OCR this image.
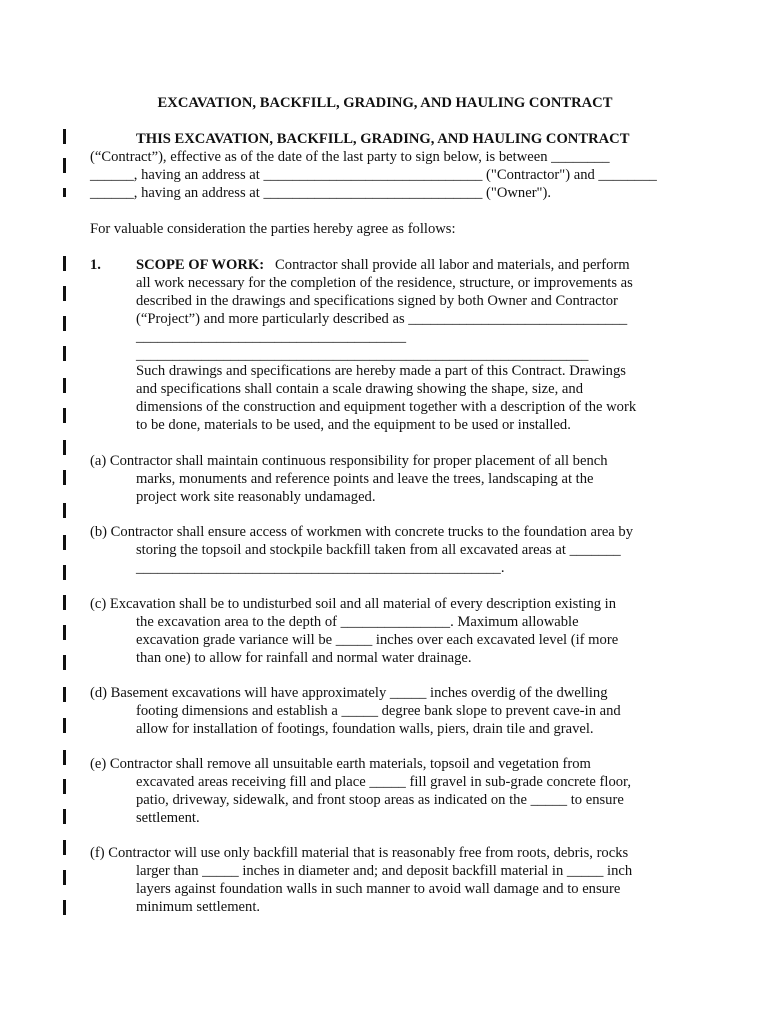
EXCAVATION, BACKFILL, GRADING, AND HAULING CONTRACT
THIS EXCAVATION, BACKFILL, GRADING, AND HAULING CONTRACT
(“Contract”), effective as of the date of the last party to sign below, is between ________
______, having an address at ______________________________ ("Contractor") and ________
______, having an address at ______________________________ ("Owner").
For valuable consideration the parties hereby agree as follows:
1. SCOPE OF WORK:   Contractor shall provide all labor and materials, and perform
all work necessary for the completion of the residence, structure, or improvements as
described in the drawings and specifications signed by both Owner and Contractor
(“Project”) and more particularly described as ______________________________
_____________________________________
______________________________________________________________
Such drawings and specifications are hereby made a part of this Contract. Drawings
and specifications shall contain a scale drawing showing the shape, size, and
dimensions of the construction and equipment together with a description of the work
to be done, materials to be used, and the equipment to be used or installed.
(a) Contractor shall maintain continuous responsibility for proper placement of all bench
marks, monuments and reference points and leave the trees, landscaping at the
project work site reasonably undamaged.
(b) Contractor shall ensure access of workmen with concrete trucks to the foundation area by
storing the topsoil and stockpile backfill taken from all excavated areas at _______
__________________________________________________.
(c) Excavation shall be to undisturbed soil and all material of every description existing in
the excavation area to the depth of _______________. Maximum allowable
excavation grade variance will be _____ inches over each excavated level (if more
than one) to allow for rainfall and normal water drainage.
(d) Basement excavations will have approximately _____ inches overdig of the dwelling
footing dimensions and establish a _____ degree bank slope to prevent cave-in and
allow for installation of footings, foundation walls, piers, drain tile and gravel.
(e) Contractor shall remove all unsuitable earth materials, topsoil and vegetation from
excavated areas receiving fill and place _____ fill gravel in sub-grade concrete floor,
patio, driveway, sidewalk, and front stoop areas as indicated on the _____ to ensure
settlement.
(f) Contractor will use only backfill material that is reasonably free from roots, debris, rocks
larger than _____ inches in diameter and; and deposit backfill material in _____ inch
layers against foundation walls in such manner to avoid wall damage and to ensure
minimum settlement.
